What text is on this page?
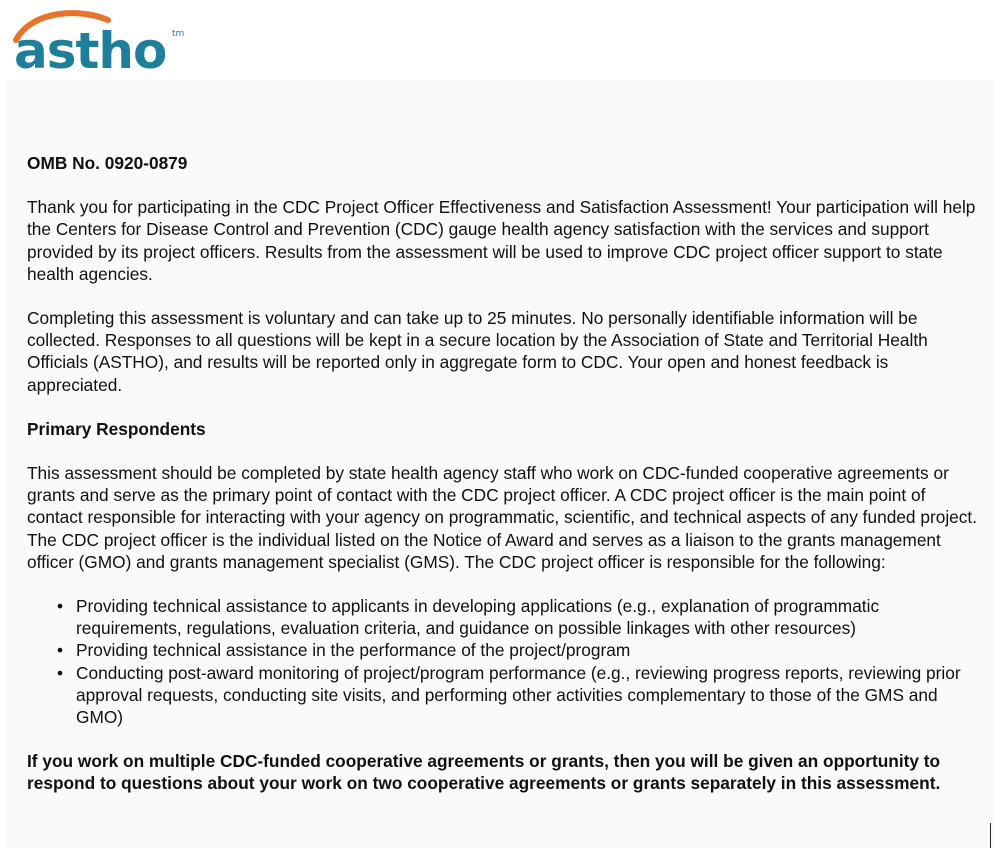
astho tm

OMB No. 0920-0879

Thank you for participating in the CDC Project Officer Effectiveness and Satisfaction Assessment! Your participation will help the Centers for Disease Control and Prevention (CDC) gauge health agency satisfaction with the services and support provided by its project officers. Results from the assessment will be used to improve CDC project officer support to state health agencies.

Completing this assessment is voluntary and can take up to 25 minutes. No personally identifiable information will be collected. Responses to all questions will be kept in a secure location by the Association of State and Territorial Health Officials (ASTHO), and results will be reported only in aggregate form to CDC. Your open and honest feedback is appreciated.

Primary Respondents

This assessment should be completed by state health agency staff who work on CDC-funded cooperative agreements or grants and serve as the primary point of contact with the CDC project officer. A CDC project officer is the main point of contact responsible for interacting with your agency on programmatic, scientific, and technical aspects of any funded project. The CDC project officer is the individual listed on the Notice of Award and serves as a liaison to the grants management officer (GMO) and grants management specialist (GMS). The CDC project officer is responsible for the following:

• Providing technical assistance to applicants in developing applications (e.g., explanation of programmatic requirements, regulations, evaluation criteria, and guidance on possible linkages with other resources)
• Providing technical assistance in the performance of the project/program
• Conducting post-award monitoring of project/program performance (e.g., reviewing progress reports, reviewing prior approval requests, conducting site visits, and performing other activities complementary to those of the GMS and GMO)

If you work on multiple CDC-funded cooperative agreements or grants, then you will be given an opportunity to respond to questions about your work on two cooperative agreements or grants separately in this assessment.
